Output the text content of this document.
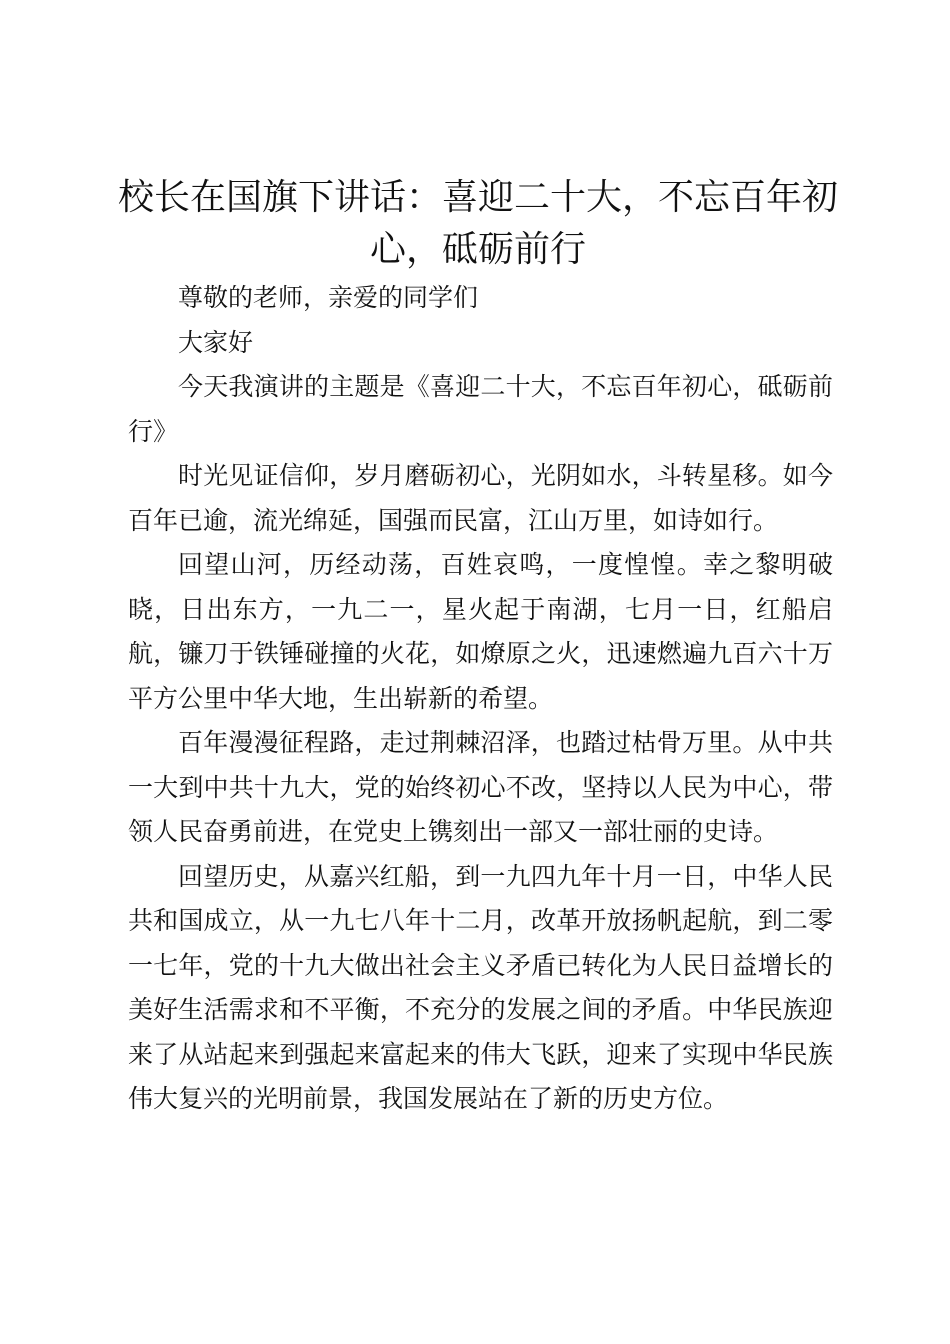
校长在国旗下讲话：喜迎二十大，不忘百年初心，砥砺前行

尊敬的老师，亲爱的同学们

大家好

今天我演讲的主题是《喜迎二十大，不忘百年初心，砥砺前行》

时光见证信仰，岁月磨砺初心，光阴如水，斗转星移。如今百年已逾，流光绵延，国强而民富，江山万里，如诗如行。

回望山河，历经动荡，百姓哀鸣，一度惶惶。幸之黎明破晓，日出东方，一九二一，星火起于南湖，七月一日，红船启航，镰刀于铁锤碰撞的火花，如燎原之火，迅速燃遍九百六十万平方公里中华大地，生出崭新的希望。

百年漫漫征程路，走过荆棘沼泽，也踏过枯骨万里。从中共一大到中共十九大，党的始终初心不改，坚持以人民为中心，带领人民奋勇前进，在党史上镌刻出一部又一部壮丽的史诗。

回望历史，从嘉兴红船，到一九四九年十月一日，中华人民共和国成立，从一九七八年十二月，改革开放扬帆起航，到二零一七年，党的十九大做出社会主义矛盾已转化为人民日益增长的美好生活需求和不平衡，不充分的发展之间的矛盾。中华民族迎来了从站起来到强起来富起来的伟大飞跃，迎来了实现中华民族伟大复兴的光明前景，我国发展站在了新的历史方位。
